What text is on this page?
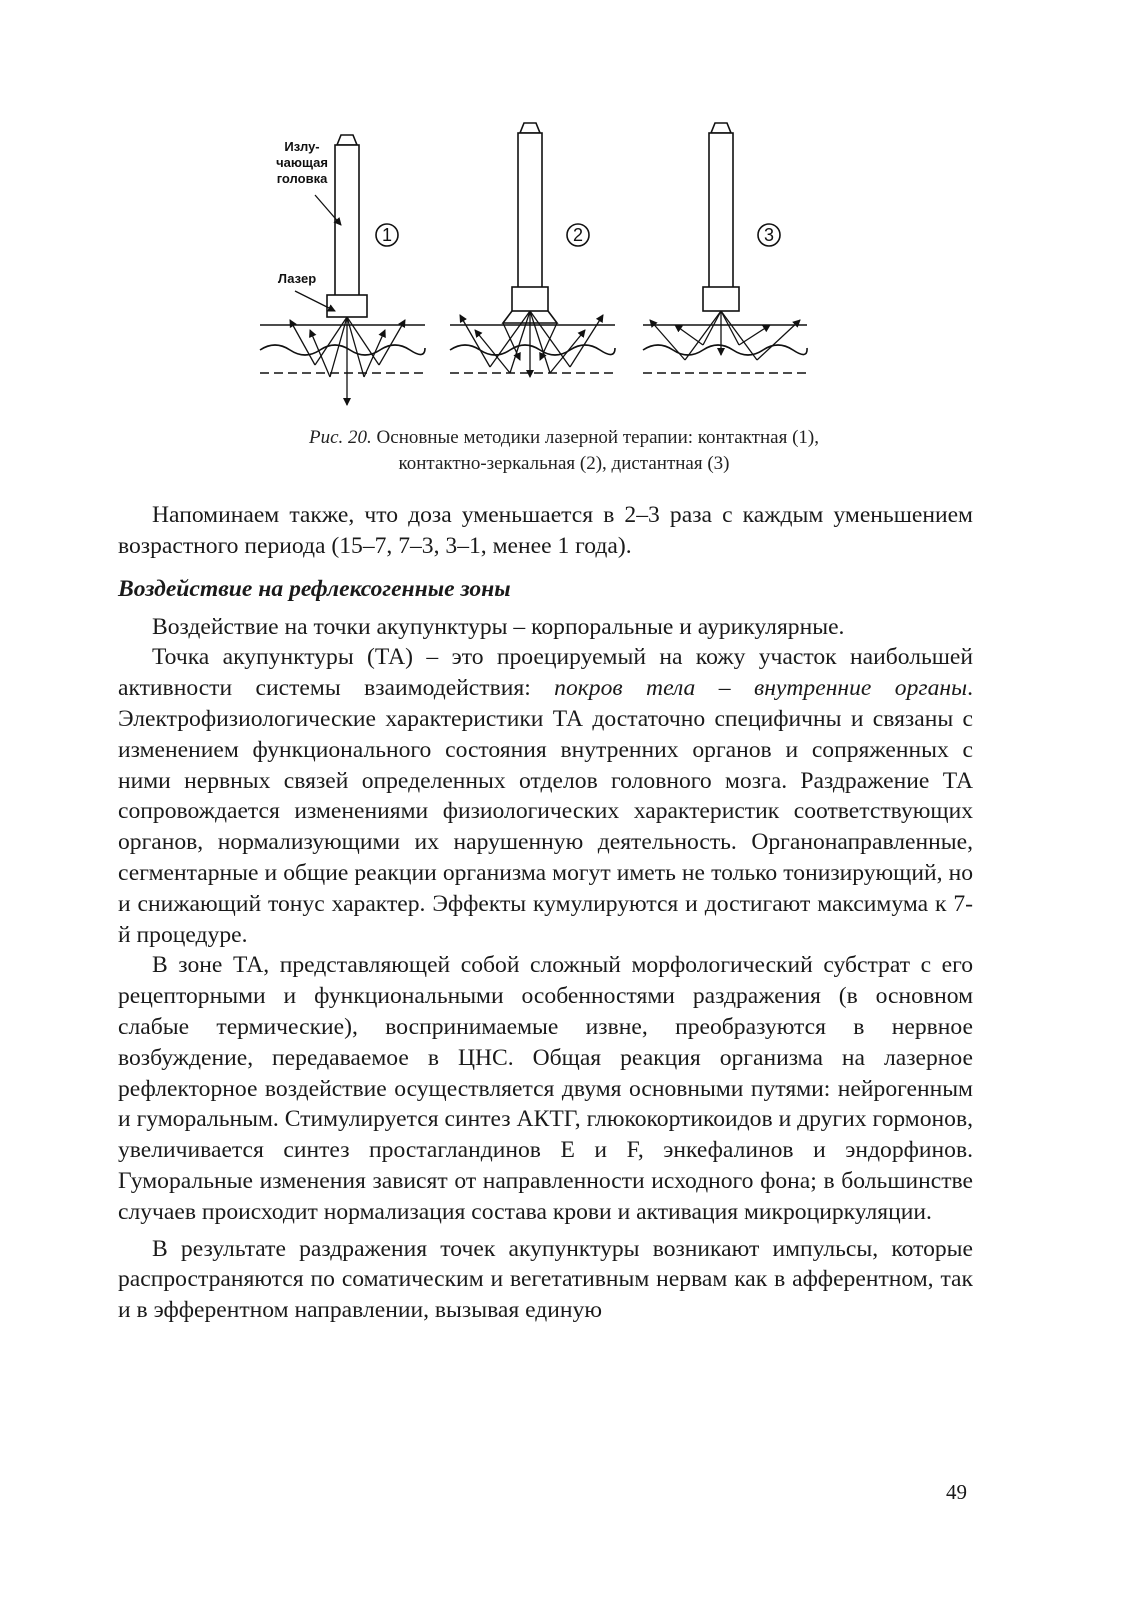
Излу-
чающая
головка
Лазер
1	2	3
Рис. 20. Основные методики лазерной терапии: контактная (1),
контактно-зеркальная (2), дистантная (3)

Напоминаем также, что доза уменьшается в 2–3 раза с каждым уменьшением возрастного периода (15–7, 7–3, 3–1, менее 1 года).

Воздействие на рефлексогенные зоны

Воздействие на точки акупунктуры – корпоральные и аурикулярные.

Точка акупунктуры (ТА) – это проецируемый на кожу участок наибольшей активности системы взаимодействия: покров тела – внутренние органы. Электрофизиологические характеристики ТА достаточно специфичны и связаны с изменением функционального состояния внутренних органов и сопряженных с ними нервных связей определенных отделов головного мозга. Раздражение ТА сопровождается изменениями физиологических характеристик соответствующих органов, нормализующими их нарушенную деятельность. Органонаправленные, сегментарные и общие реакции организма могут иметь не только тонизирующий, но и снижающий тонус характер. Эффекты кумулируются и достигают максимума к 7-й процедуре.

В зоне ТА, представляющей собой сложный морфологический субстрат с его рецепторными и функциональными особенностями раздражения (в основном слабые термические), воспринимаемые извне, преобразуются в нервное возбуждение, передаваемое в ЦНС. Общая реакция организма на лазерное рефлекторное воздействие осуществляется двумя основными путями: нейрогенным и гуморальным. Стимулируется синтез АКТГ, глюкокортикоидов и других гормонов, увеличивается синтез простагландинов E и F, энкефалинов и эндорфинов. Гуморальные изменения зависят от направленности исходного фона; в большинстве случаев происходит нормализация состава крови и активация микроциркуляции.

В результате раздражения точек акупунктуры возникают импульсы, которые распространяются по соматическим и вегетативным нервам как в афферентном, так и в эфферентном направлении, вызывая единую

49
